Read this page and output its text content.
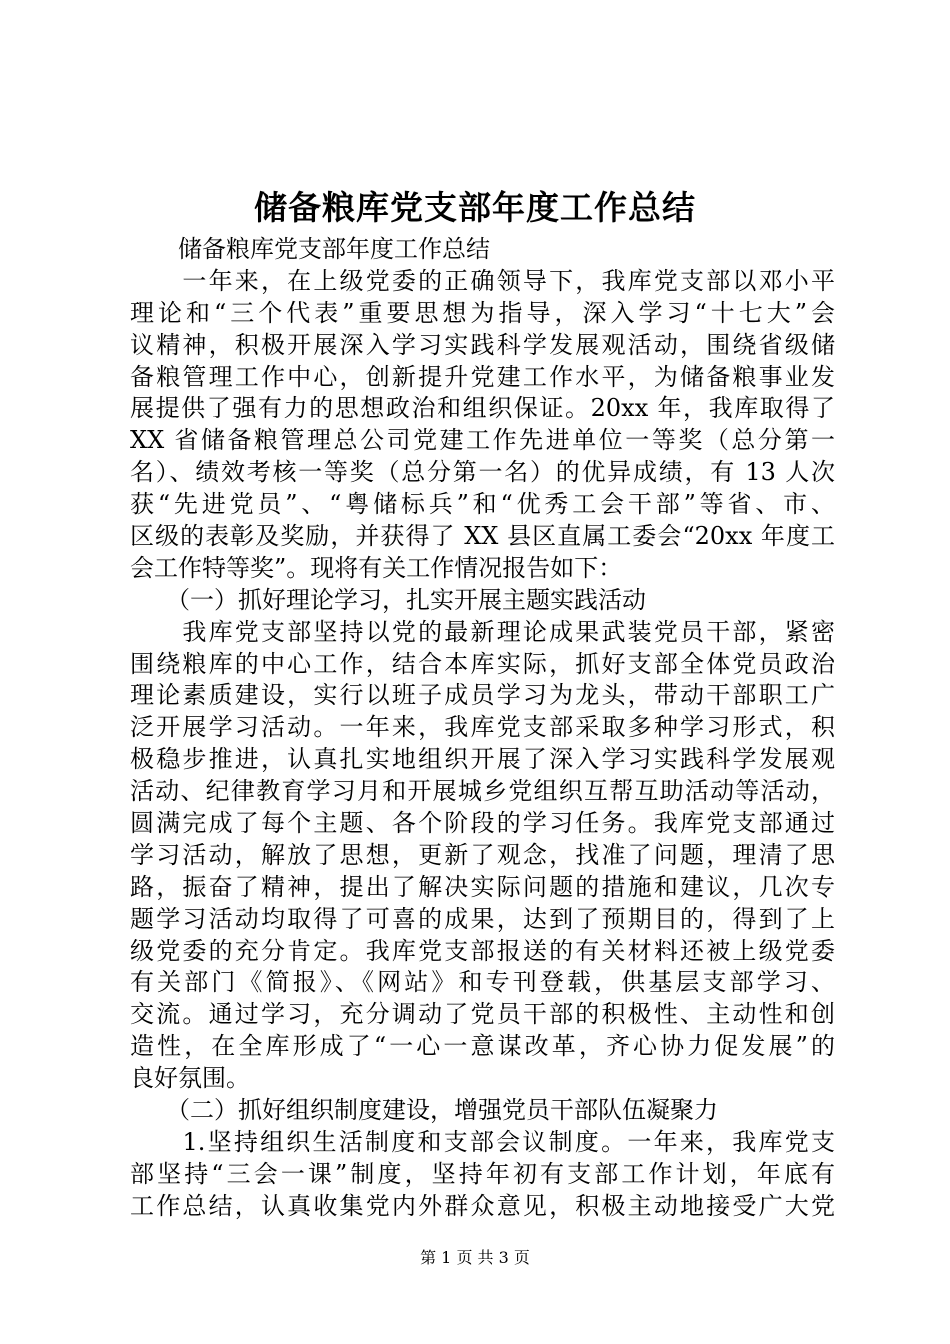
储备粮库党支部年度工作总结
　　储备粮库党支部年度工作总结
　　一年来，在上级党委的正确领导下，我库党支部以邓小平
理论和“三个代表”重要思想为指导，深入学习“十七大”会
议精神，积极开展深入学习实践科学发展观活动，围绕省级储
备粮管理工作中心，创新提升党建工作水平，为储备粮事业发
展提供了强有力的思想政治和组织保证。20xx 年，我库取得了
XX 省储备粮管理总公司党建工作先进单位一等奖（总分第一
名）、绩效考核一等奖（总分第一名）的优异成绩，有 13 人次
获“先进党员”、“粤储标兵”和“优秀工会干部”等省、市、
区级的表彰及奖励，并获得了 XX 县区直属工委会“20xx 年度工
会工作特等奖”。现将有关工作情况报告如下：
　　（一）抓好理论学习，扎实开展主题实践活动
　　我库党支部坚持以党的最新理论成果武装党员干部，紧密
围绕粮库的中心工作，结合本库实际，抓好支部全体党员政治
理论素质建设，实行以班子成员学习为龙头，带动干部职工广
泛开展学习活动。一年来，我库党支部采取多种学习形式，积
极稳步推进，认真扎实地组织开展了深入学习实践科学发展观
活动、纪律教育学习月和开展城乡党组织互帮互助活动等活动，
圆满完成了每个主题、各个阶段的学习任务。我库党支部通过
学习活动，解放了思想，更新了观念，找准了问题，理清了思
路，振奋了精神，提出了解决实际问题的措施和建议，几次专
题学习活动均取得了可喜的成果，达到了预期目的，得到了上
级党委的充分肯定。我库党支部报送的有关材料还被上级党委
有关部门《简报》、《网站》和专刊登载，供基层支部学习、
交流。通过学习，充分调动了党员干部的积极性、主动性和创
造性，在全库形成了“一心一意谋改革，齐心协力促发展”的
良好氛围。
　　（二）抓好组织制度建设，增强党员干部队伍凝聚力
　　1.坚持组织生活制度和支部会议制度。一年来，我库党支
部坚持“三会一课”制度，坚持年初有支部工作计划，年底有
工作总结，认真收集党内外群众意见，积极主动地接受广大党
第 1 页 共 3 页
